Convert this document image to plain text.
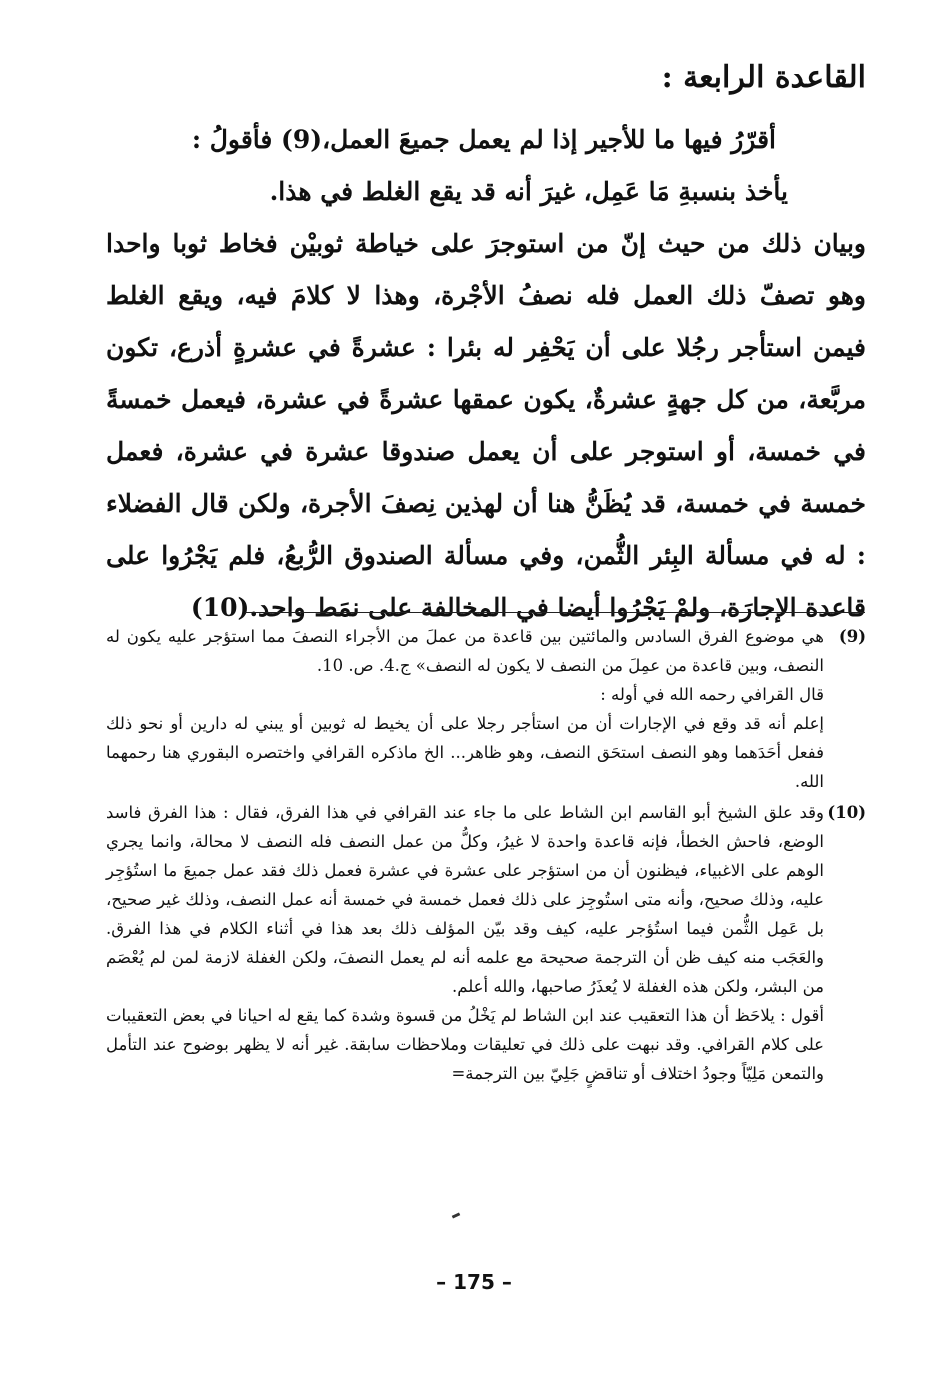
القاعدة الرابعة :

أقرّرُ فيها ما للأجير إذا لم يعمل جميعَ العمل،(9) فأقولُ :

يأخذ بنسبةِ مَا عَمِل، غيرَ أنه قد يقع الغلط في هذا.

وبيان ذلك من حيث إنّ من استوجرَ على خياطة ثوبيْن فخاط ثوبا واحدا وهو تصفّ ذلك العمل فله نصفُ الأجْرة، وهذا لا كلامَ فيه، ويقع الغلط فيمن استأجر رجُلا على أن يَحْفِر له بئرا : عشرةً في عشرةٍ أذرع، تكون مربَّعة، من كل جهةٍ عشرةٌ، يكون عمقها عشرةً في عشرة، فيعمل خمسةً في خمسة، أو استوجر على أن يعمل صندوقا عشرة في عشرة، فعمل خمسة في خمسة، قد يُظَنُّ هنا أن لهذين نِصفَ الأجرة، ولكن قال الفضلاء : له في مسألة البِئر الثُّمن، وفي مسألة الصندوق الرُّبعُ، فلم يَجْرُوا على قاعدة الإجارَة، ولمْ يَجْرُوا أيضا في المخالفة على نمَط واحد.(10)

(9)

هي موضوع الفرق السادس والمائتين بين قاعدة من عملَ من الأجراء النصفَ مما استؤجر عليه يكون له النصف، وبين قاعدة من عمِلَ من النصف لا يكون له النصف» ج.4. ص. 10.

قال القرافي رحمه الله في أوله :

إعلم أنه قد وقع في الإجارات أن من استأجر رجلا على أن يخيط له ثوبين أو يبني له دارين أو نحو ذلك ففعل أحَدَهما وهو النصف استحَق النصف، وهو ظاهر... الخ ماذكره القرافي واختصره البقوري هنا رحمهما الله.

(10)

وقد علق الشيخ أبو القاسم ابن الشاط على ما جاء عند القرافي في هذا الفرق، فقال : هذا الفرق فاسد الوضع، فاحش الخطأ، فإنه قاعدة واحدة لا غيرُ، وكلُّ من عمل النصف فله النصف لا محالة، وانما يجري الوهم على الاغبياء، فيظنون أن من استؤجر على عشرة في عشرة فعمل ذلك فقد عمل جميعَ ما استُؤجِر عليه، وذلك صحيح، وأنه متى استُوجِز على ذلك فعمل خمسة في خمسة أنه عمل النصف، وذلك غير صحيح، بل عَمِل الثُّمن فيما استُؤجر عليه، كيف وقد بيّن المؤلف ذلك بعد هذا في أثناء الكلام في هذا الفرق. والعَجَب منه كيف ظن أن الترجمة صحيحة مع علمه أنه لم يعمل النصفَ، ولكن الغفلة لازمة لمن لم يُعْصَم من البشر، ولكن هذه الغفلة لا يُعذَرُ صاحبها، والله أعلم.

أقول : يلاحَظ أن هذا التعقيب عند ابن الشاط لم يَخْلُ من قسوة وشدة كما يقع له احيانا في بعض التعقيبات على كلام القرافي. وقد نبهت على ذلك في تعليقات وملاحظات سابقة. غير أنه لا يظهر بوضوح عند التأمل والتمعن مَلِيّاً وجودُ اختلاف أو تناقضٍ جَلِيّ بين الترجمة=

– 175 –
